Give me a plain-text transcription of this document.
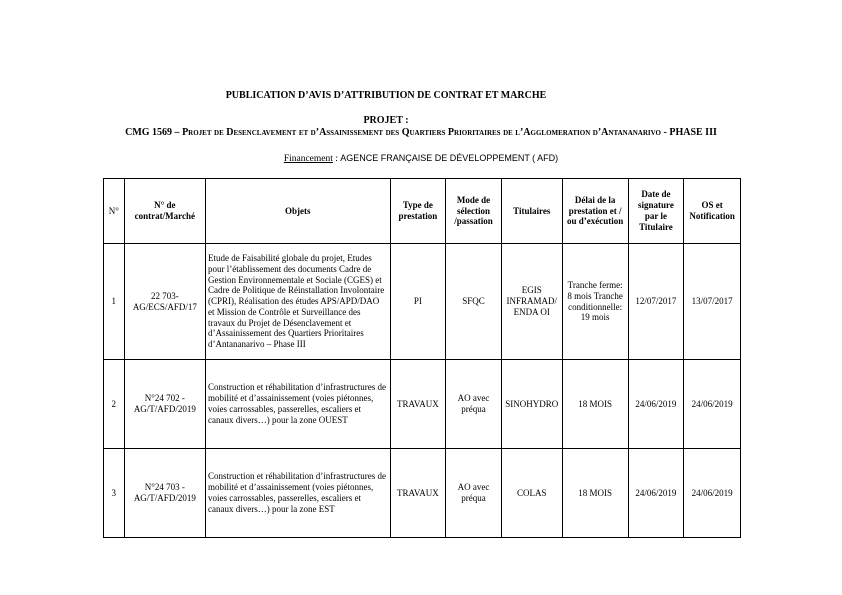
PUBLICATION D’AVIS D’ATTRIBUTION DE CONTRAT ET MARCHE
PROJET :
CMG 1569 – Projet de Desenclavement et d’Assainissement des Quartiers Prioritaires de l’Agglomeration d’Antananarivo - PHASE III
Financement : AGENCE FRANÇAISE DE DÉVELOPPEMENT ( AFD)
N°	N° de contrat/Marché	Objets	Type de prestation	Mode de sélection /passation	Titulaires	Délai de la prestation et / ou d’exécution	Date de signature par le Titulaire	OS et Notification
1	22 703-AG/ECS/AFD/17	Etude de Faisabilité globale du projet, Etudes pour l’établissement des documents Cadre de Gestion Environnementale et Sociale (CGES) et Cadre de Politique de Réinstallation Involontaire (CPRI), Réalisation des études APS/APD/DAO et Mission de Contrôle et Surveillance des travaux du Projet de Désenclavement et d’Assainissement des Quartiers Prioritaires d’Antananarivo – Phase III	PI	SFQC	EGIS INFRAMAD/ ENDA OI	Tranche ferme: 8 mois Tranche conditionnelle: 19 mois	12/07/2017	13/07/2017
2	N°24 702 - AG/T/AFD/2019	Construction et réhabilitation d’infrastructures de mobilité et d’assainissement (voies piétonnes, voies carrossables, passerelles, escaliers et canaux divers…) pour la zone OUEST	TRAVAUX	AO avec préqua	SINOHYDRO	18 MOIS	24/06/2019	24/06/2019
3	N°24 703 - AG/T/AFD/2019	Construction et réhabilitation d’infrastructures de mobilité et d’assainissement (voies piétonnes, voies carrossables, passerelles, escaliers et canaux divers…) pour la zone EST	TRAVAUX	AO avec préqua	COLAS	18 MOIS	24/06/2019	24/06/2019
